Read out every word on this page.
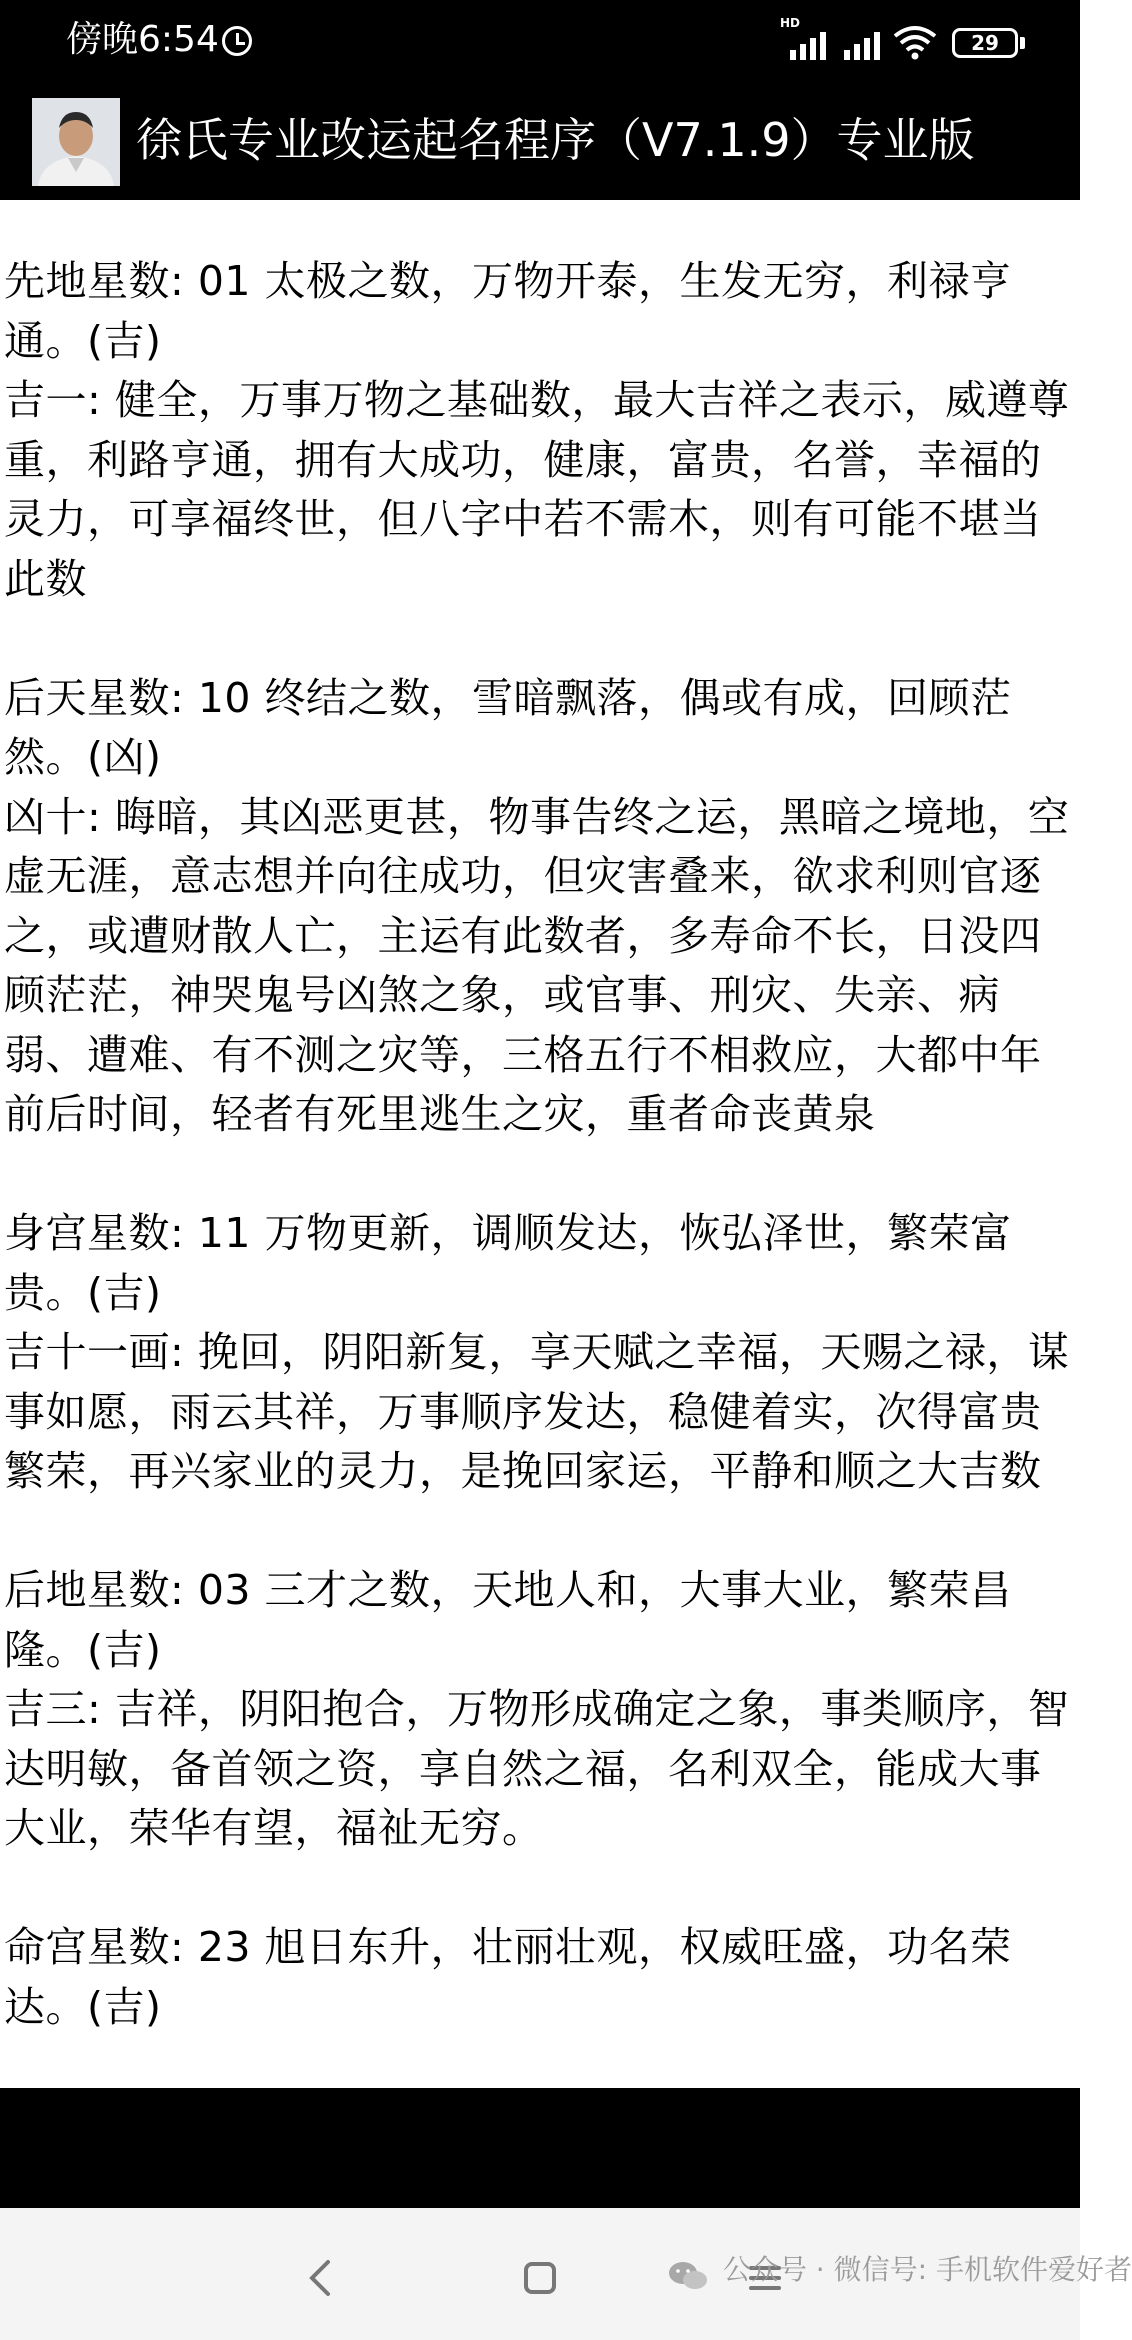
傍晚6:54	HD
29
徐氏专业改运起名程序（V7.1.9）专业版
先地星数: 01 太极之数，万物开泰，生发无穷，利禄亨通。(吉)
吉一: 健全，万事万物之基础数，最大吉祥之表示，威遵尊重，利路亨通，拥有大成功，健康，富贵，名誉，幸福的灵力，可享福终世，但八字中若不需木，则有可能不堪当此数
后天星数: 10 终结之数，雪暗飘落，偶或有成，回顾茫然。(凶)
凶十: 晦暗，其凶恶更甚，物事告终之运，黑暗之境地，空虚无涯，意志想并向往成功，但灾害叠来，欲求利则官逐之，或遭财散人亡，主运有此数者，多寿命不长，日没四顾茫茫，神哭鬼号凶煞之象，或官事、刑灾、失亲、病弱、遭难、有不测之灾等，三格五行不相救应，大都中年前后时间，轻者有死里逃生之灾，重者命丧黄泉
身宫星数: 11 万物更新，调顺发达，恢弘泽世，繁荣富贵。(吉)
吉十一画: 挽回，阴阳新复，享天赋之幸福，天赐之禄，谋事如愿，雨云其祥，万事顺序发达，稳健着实，次得富贵繁荣，再兴家业的灵力，是挽回家运，平静和顺之大吉数
后地星数: 03 三才之数，天地人和，大事大业，繁荣昌隆。(吉)
吉三: 吉祥，阴阳抱合，万物形成确定之象，事类顺序，智达明敏，备首领之资，享自然之福，名利双全，能成大事大业，荣华有望，福祉无穷。
命宫星数: 23 旭日东升，壮丽壮观，权威旺盛，功名荣达。(吉)
公众号 · 微信号: 手机软件爱好者
